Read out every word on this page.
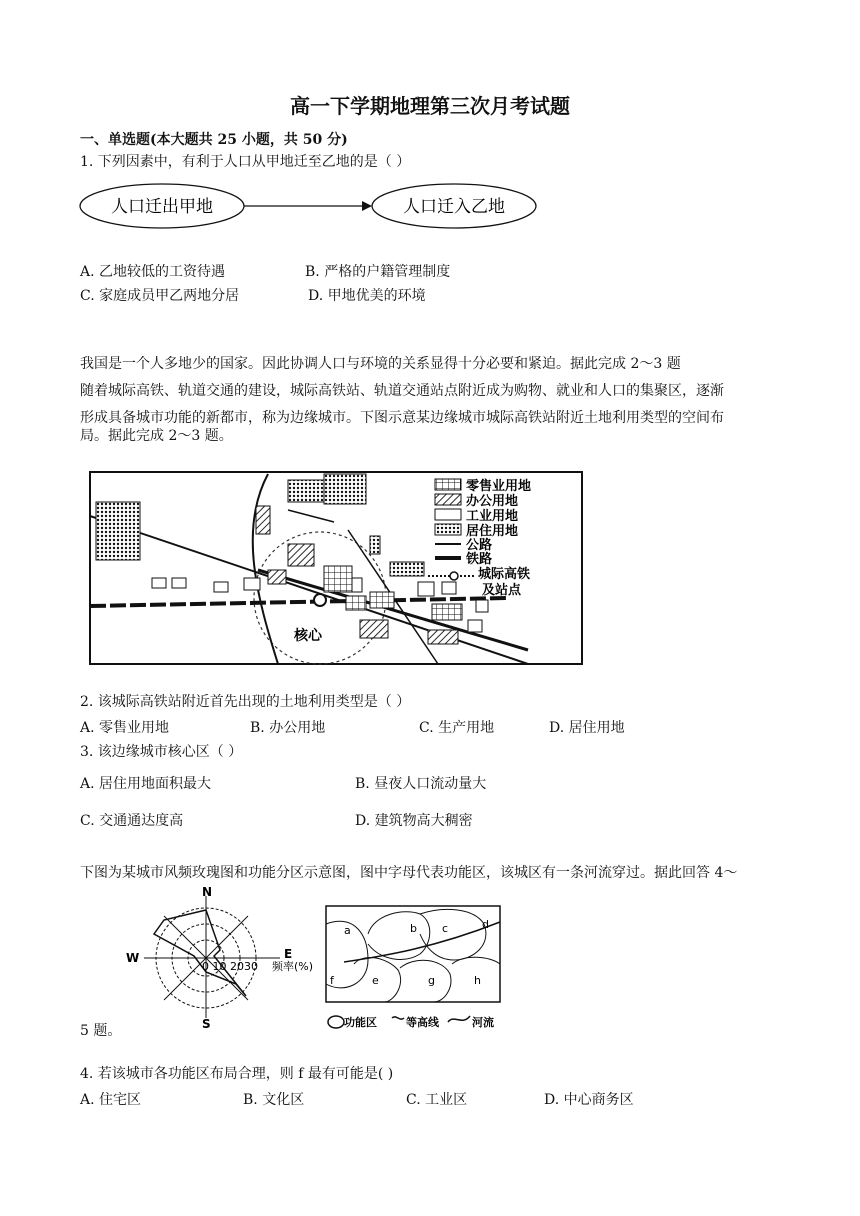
高一下学期地理第三次月考试题
一、单选题(本大题共 25 小题，共 50 分)
1. 下列因素中，有利于人口从甲地迁至乙地的是（ ）
人口迁出甲地	人口迁入乙地
A. 乙地较低的工资待遇	B. 严格的户籍管理制度
C. 家庭成员甲乙两地分居	D. 甲地优美的环境
我国是一个人多地少的国家。因此协调人口与环境的关系显得十分必要和紧迫。据此完成 2～3 题
随着城际高铁、轨道交通的建设，城际高铁站、轨道交通站点附近成为购物、就业和人口的集聚区，逐渐
形成具备城市功能的新都市，称为边缘城市。下图示意某边缘城市城际高铁站附近土地利用类型的空间布
局。据此完成 2～3 题。
核心
零售业用地
办公用地
工业用地
居住用地
公路
铁路
城际高铁
及站点
2. 该城际高铁站附近首先出现的土地利用类型是（ ）
A. 零售业用地	B. 办公用地	C. 生产用地	D. 居住用地
3. 该边缘城市核心区（ ）
A. 居住用地面积最大	B. 昼夜人口流动量大
C. 交通通达度高	D. 建筑物高大稠密
下图为某城市风频玫瑰图和功能分区示意图，图中字母代表功能区，该城区有一条河流穿过。据此回答 4～
N
S
W	E
0 10 2030 频率(%)
a	b c	d
f	e	g	h
功能区	等高线	河流
5 题。
4. 若该城市各功能区布局合理，则 f 最有可能是( )
A. 住宅区	B. 文化区	C. 工业区	D. 中心商务区
